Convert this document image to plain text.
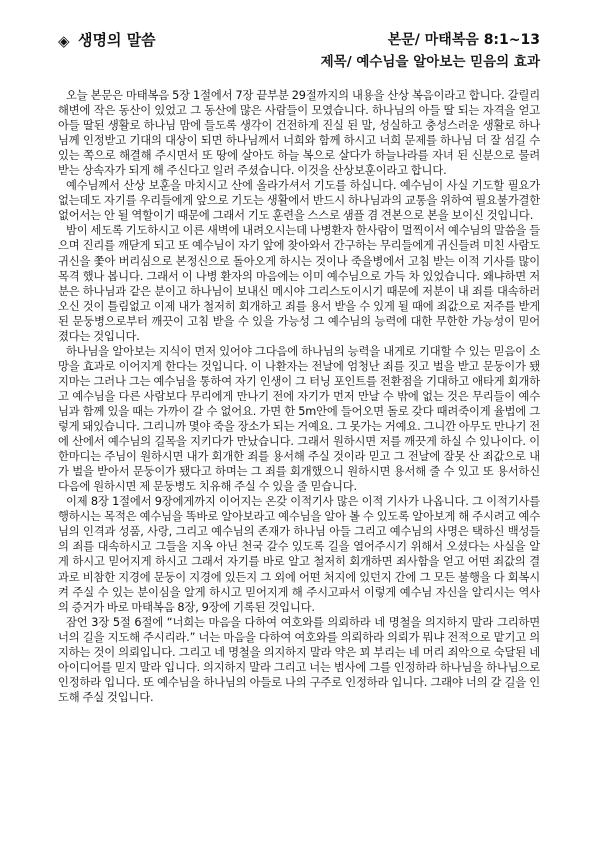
◈ 생명의 말씀	본문/ 마태복음 8:1~13
제목/ 예수님을 알아보는 믿음의 효과

오늘 본문은 마태복음 5장 1절에서 7장 끝부분 29절까지의 내용을 산상 복음이라고 합니다. 갈릴리 해변에 작은 동산이 있었고 그 동산에 많은 사람들이 모였습니다. 하나님의 아들 딸 되는 자격을 얻고 아들 딸된 생활로 하나님 맘에 들도록 생각이 건전하게 진실 된 말, 성실하고 충성스러운 생활로 하나님께 인정받고 기대의 대상이 되면 하나님께서 너희와 함께 하시고 너희 문제를 하나님 더 잘 섬길 수 있는 쪽으로 해결해 주시면서 또 땅에 살아도 하늘 복으로 살다가 하늘나라를 자녀 된 신분으로 물려받는 상속자가 되게 해 주신다고 일러 주셨습니다. 이것을 산상보훈이라고 합니다.

예수님께서 산상 보훈을 마치시고 산에 올라가셔서 기도를 하십니다. 예수님이 사실 기도할 필요가 없는데도 자기를 우리들에게 앞으로 기도는 생활에서 반드시 하나님과의 교통을 위하여 필요불가결한 없어서는 안 될 역할이기 때문에 그래서 기도 훈련을 스스로 샘플 겸 견본으로 본을 보이신 것입니다.

밤이 세도록 기도하시고 이른 새벽에 내려오시는데 나병환자 한사람이 멀찍이서 예수님의 말씀을 들으며 진리를 깨닫게 되고 또 예수님이 자기 앞에 찾아와서 간구하는 무리들에게 귀신들려 미친 사람도 귀신을 쫓아 버리심으로 본정신으로 돌아오게 하시는 것이나 죽을병에서 고침 받는 이적 기사를 많이 목격 했나 봅니다. 그래서 이 나병 환자의 마음에는 이미 예수님으로 가득 차 있었습니다. 왜냐하면 저분은 하나님과 같은 분이고 하나님이 보내신 메시야 그리스도이시기 때문에 저분이 내 죄를 대속하러 오신 것이 틀림없고 이제 내가 철저히 회개하고 죄를 용서 받을 수 있게 될 때에 죄값으로 저주를 받게 된 문둥병으로부터 깨끗이 고침 받을 수 있을 가능성 그 예수님의 능력에 대한 무한한 가능성이 믿어졌다는 것입니다.

하나님을 알아보는 지식이 먼저 있어야 그다음에 하나님의 능력을 내게로 기대할 수 있는 믿음이 소망을 효과로 이어지게 한다는 것입니다. 이 나환자는 전날에 엄청난 죄를 짓고 벌을 받고 문둥이가 됐지마는 그러나 그는 예수님을 통하여 자기 인생이 그 터닝 포인트를 전환점을 기대하고 애타게 회개하고 예수님을 다른 사람보다 무리에게 만나기 전에 자기가 먼저 만날 수 밖에 없는 것은 무리들이 예수님과 함께 있을 때는 가까이 갈 수 없어요. 가면 한 5m안에 들어오면 돌로 갖다 때려죽이게 율법에 그렇게 돼있습니다. 그리니까 몇야 죽을 장소가 되는 거예요. 그 못가는 거예요. 그니깐 아무도 만나기 전에 산에서 예수님의 길목을 지키다가 만났습니다. 그래서 원하시면 저를 깨끗게 하실 수 있나이다. 이 한마디는 주님이 원하시면 내가 회개한 죄를 용서해 주실 것이라 믿고 그 전날에 잘못 산 죄값으로 내가 벌을 받아서 문둥이가 됐다고 하며는 그 죄를 회개했으니 원하시면 용서해 줄 수 있고 또 용서하신 다음에 원하시면 제 문둥병도 치유해 주실 수 있을 줄 믿습니다.

이제 8장 1절에서 9장에게까지 이어지는 온갖 이적기사 많은 이적 기사가 나옵니다. 그 이적기사를 행하시는 목적은 예수님을 똑바로 알아보라고 예수님을 알아 볼 수 있도록 알아보게 해 주시려고 예수님의 인격과 성품, 사랑, 그리고 예수님의 존재가 하나님 아들 그리고 예수님의 사명은 택하신 백성들의 죄를 대속하시고 그들을 지옥 아닌 천국 갈수 있도록 길을 열어주시기 위해서 오셨다는 사실을 알게 하시고 믿어지게 하시고 그래서 자기를 바로 알고 철저히 회개하면 죄사함을 얻고 어떤 죄값의 결과로 비참한 지경에 문둥이 지경에 있든지 그 외에 어떤 처지에 있던지 간에 그 모든 불행을 다 회복시켜 주실 수 있는 분이심을 알게 하시고 믿어지게 해 주시고파서 이렇게 예수님 자신을 알리시는 역사의 증거가 바로 마태복음 8장, 9장에 기록된 것입니다.

잠언 3장 5절 6절에 “너희는 마음을 다하여 여호와를 의뢰하라 네 명철을 의지하지 말라 그리하면 너의 길을 지도해 주시리라.” 너는 마음을 다하여 여호와를 의뢰하라 의뢰가 뭐냐 전적으로 맡기고 의지하는 것이 의뢰입니다. 그리고 네 명철을 의지하지 말라 약은 꾀 부리는 네 머리 죄악으로 숙달된 네 아이디어를 믿지 말라 입니다. 의지하지 말라 그리고 너는 범사에 그를 인정하라 하나님을 하나님으로 인정하라 입니다. 또 예수님을 하나님의 아들로 나의 구주로 인정하라 입니다. 그래야 너의 갈 길을 인도해 주실 것입니다.
